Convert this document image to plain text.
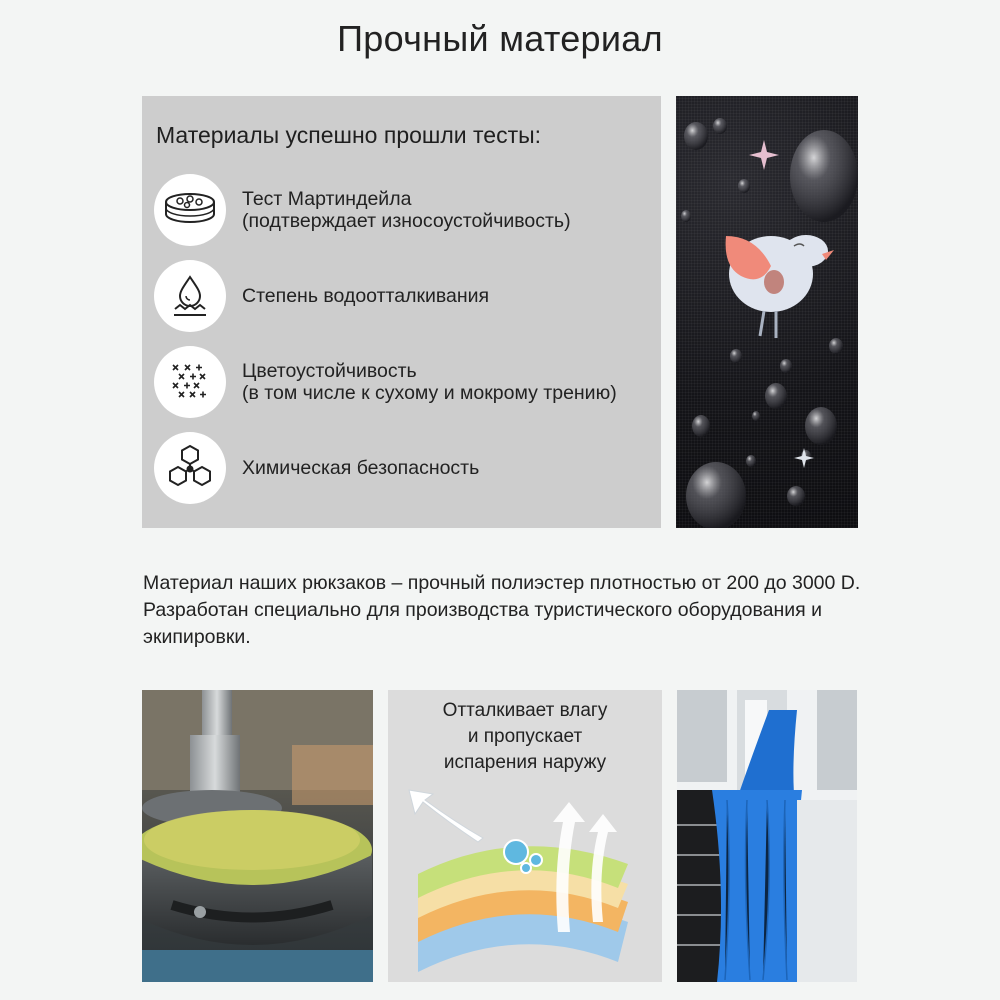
Прочный материал
Материалы успешно прошли тесты:
Тест Мартиндейла
(подтверждает износоустойчивость)
Степень водоотталкивания
Цветоустойчивость
(в том числе к сухому и мокрому трению)
Химическая безопасность
Материал наших рюкзаков – прочный полиэстер плотностью от 200 до 3000 D. Разработан специально для производства туристического оборудования и экипировки.
Отталкивает влагу
и пропускает
испарения наружу
